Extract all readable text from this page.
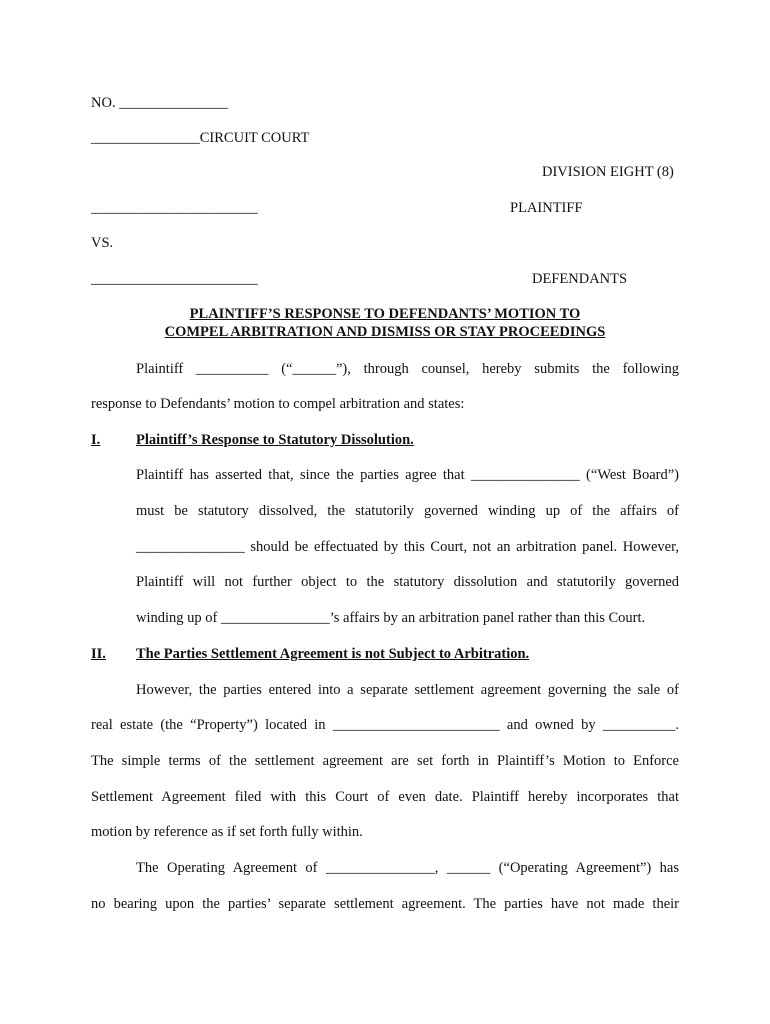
NO. _______________
_______________CIRCUIT COURT
DIVISION EIGHT (8)
_______________________	PLAINTIFF
VS.
_______________________	DEFENDANTS
PLAINTIFF’S RESPONSE TO DEFENDANTS’ MOTION TO
COMPEL ARBITRATION AND DISMISS OR STAY PROCEEDINGS
Plaintiff __________ (“______”), through counsel, hereby submits the following
response to Defendants’ motion to compel arbitration and states:
I. Plaintiff’s Response to Statutory Dissolution.
Plaintiff has asserted that, since the parties agree that _______________ (“West Board”)
must be statutory dissolved, the statutorily governed winding up of the affairs of
_______________ should be effectuated by this Court, not an arbitration panel. However,
Plaintiff will not further object to the statutory dissolution and statutorily governed
winding up of _______________’s affairs by an arbitration panel rather than this Court.
II. The Parties Settlement Agreement is not Subject to Arbitration.
However, the parties entered into a separate settlement agreement governing the sale of
real estate (the “Property”) located in _______________________ and owned by __________.
The simple terms of the settlement agreement are set forth in Plaintiff’s Motion to Enforce
Settlement Agreement filed with this Court of even date. Plaintiff hereby incorporates that
motion by reference as if set forth fully within.
The Operating Agreement of _______________, ______ (“Operating Agreement”) has
no bearing upon the parties’ separate settlement agreement. The parties have not made their
